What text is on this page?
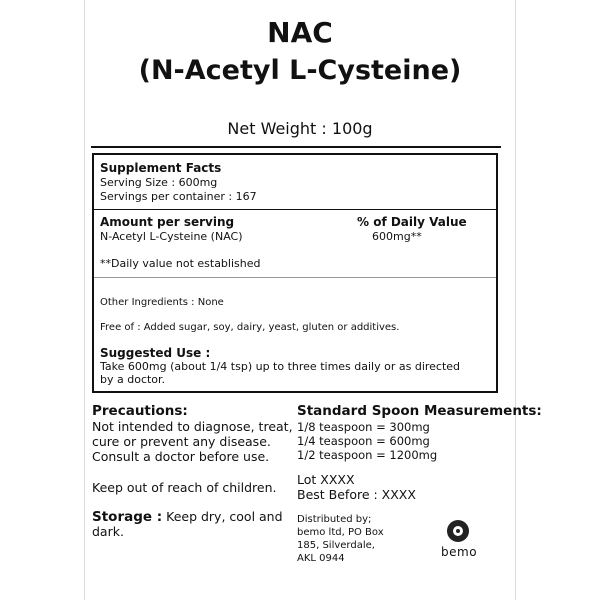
NAC
(N-Acetyl L-Cysteine)
Net Weight : 100g
Supplement Facts
Serving Size : 600mg
Servings per container : 167
Amount per serving	% of Daily Value
N-Acetyl L-Cysteine (NAC)	600mg**
**Daily value not established
Other Ingredients : None
Free of : Added sugar, soy, dairy, yeast, gluten or additives.
Suggested Use :
Take 600mg (about 1/4 tsp) up to three times daily or as directed
by a doctor.
Precautions:
Not intended to diagnose, treat,
cure or prevent any disease.
Consult a doctor before use.
Keep out of reach of children.
Storage : Keep dry, cool and
dark.
Standard Spoon Measurements:
1/8 teaspoon = 300mg
1/4 teaspoon = 600mg
1/2 teaspoon = 1200mg
Lot XXXX
Best Before : XXXX
Distributed by;
bemo ltd, PO Box
185, Silverdale,
AKL 0944	bemo
